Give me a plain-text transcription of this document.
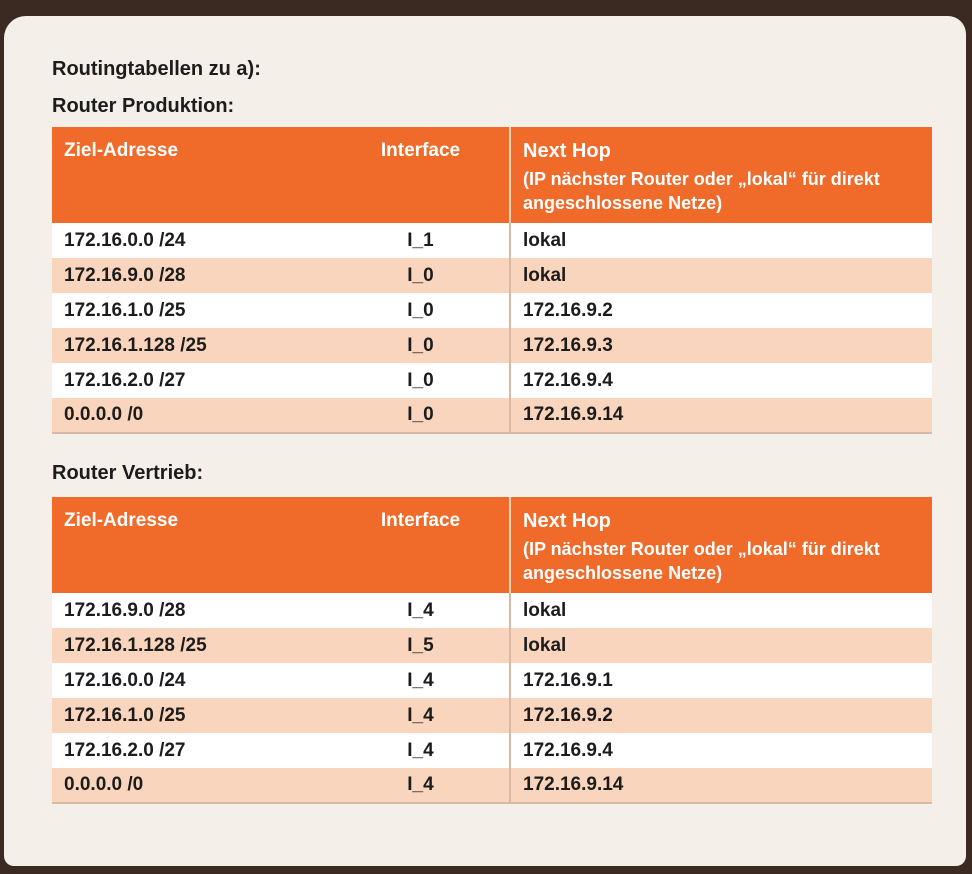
Routingtabellen zu a):
Router Produktion:
Ziel-Adresse	Interface	Next Hop
(IP nächster Router oder „lokal“ für direkt angeschlossene Netze)

172.16.0.0 /24	I_1	lokal
172.16.9.0 /28	I_0	lokal
172.16.1.0 /25	I_0	172.16.9.2
172.16.1.128 /25	I_0	172.16.9.3
172.16.2.0 /27	I_0	172.16.9.4
0.0.0.0 /0	I_0	172.16.9.14
Router Vertrieb:
Ziel-Adresse	Interface	Next Hop
(IP nächster Router oder „lokal“ für direkt angeschlossene Netze)

172.16.9.0 /28	I_4	lokal
172.16.1.128 /25	I_5	lokal
172.16.0.0 /24	I_4	172.16.9.1
172.16.1.0 /25	I_4	172.16.9.2
172.16.2.0 /27	I_4	172.16.9.4
0.0.0.0 /0	I_4	172.16.9.14
